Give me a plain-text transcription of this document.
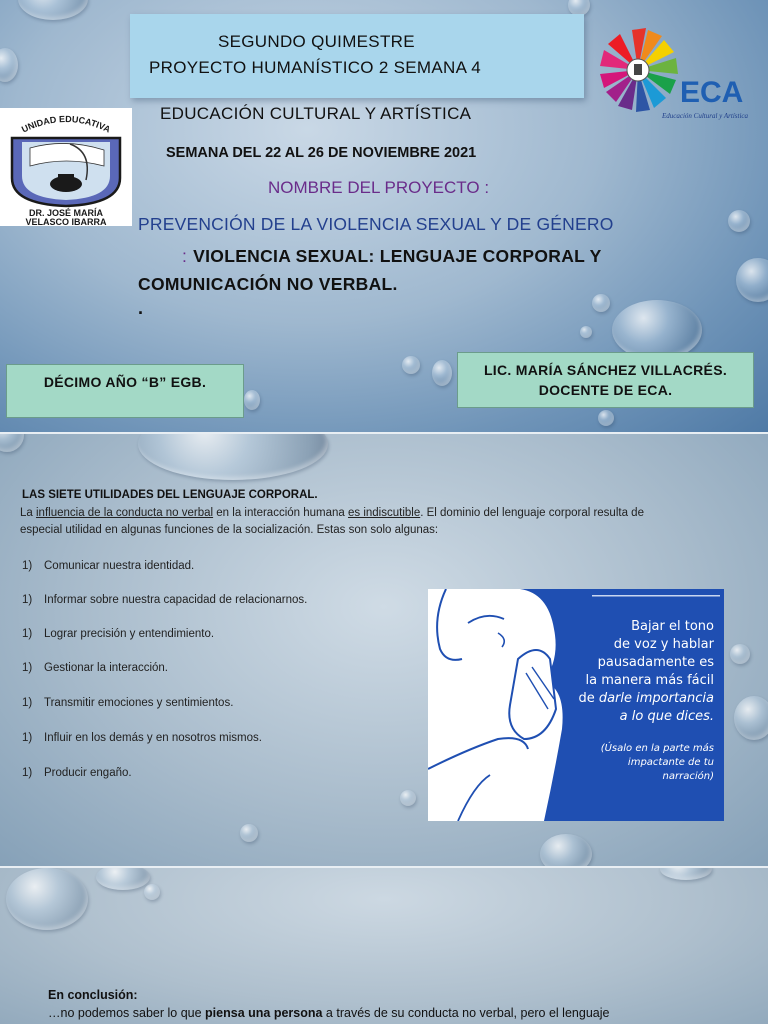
SEGUNDO QUIMESTRE
PROYECTO HUMANÍSTICO 2 SEMANA 4
ECA
Educación Cultural y Artística
UNIDAD EDUCATIVA
DR. JOSÉ MARÍA
VELASCO IBARRA
EDUCACIÓN CULTURAL Y ARTÍSTICA
SEMANA DEL 22 AL 26 DE NOVIEMBRE 2021
NOMBRE DEL PROYECTO :
PREVENCIÓN DE LA VIOLENCIA SEXUAL Y DE GÉNERO
: VIOLENCIA SEXUAL: LENGUAJE CORPORAL Y
COMUNICACIÓN NO VERBAL.
.
DÉCIMO AÑO “B” EGB.
LIC. MARÍA SÁNCHEZ VILLACRÉS.
DOCENTE DE ECA.
LAS SIETE UTILIDADES DEL LENGUAJE CORPORAL.
La influencia de la conducta no verbal en la interacción humana es indiscutible. El dominio del lenguaje corporal resulta de
especial utilidad en algunas funciones de la socialización. Estas son solo algunas:
1) Comunicar nuestra identidad.
1) Informar sobre nuestra capacidad de relacionarnos.
1) Lograr precisión y entendimiento.
1) Gestionar la interacción.
1) Transmitir emociones y sentimientos.
1) Influir en los demás y en nosotros mismos.
1) Producir engaño.
Bajar el tono
de voz y hablar
pausadamente es
la manera más fácil
de darle importancia
a lo que dices.
(Úsalo en la parte más
impactante de tu
narración)
En conclusión:
…no podemos saber lo que piensa una persona a través de su conducta no verbal, pero el lenguaje
